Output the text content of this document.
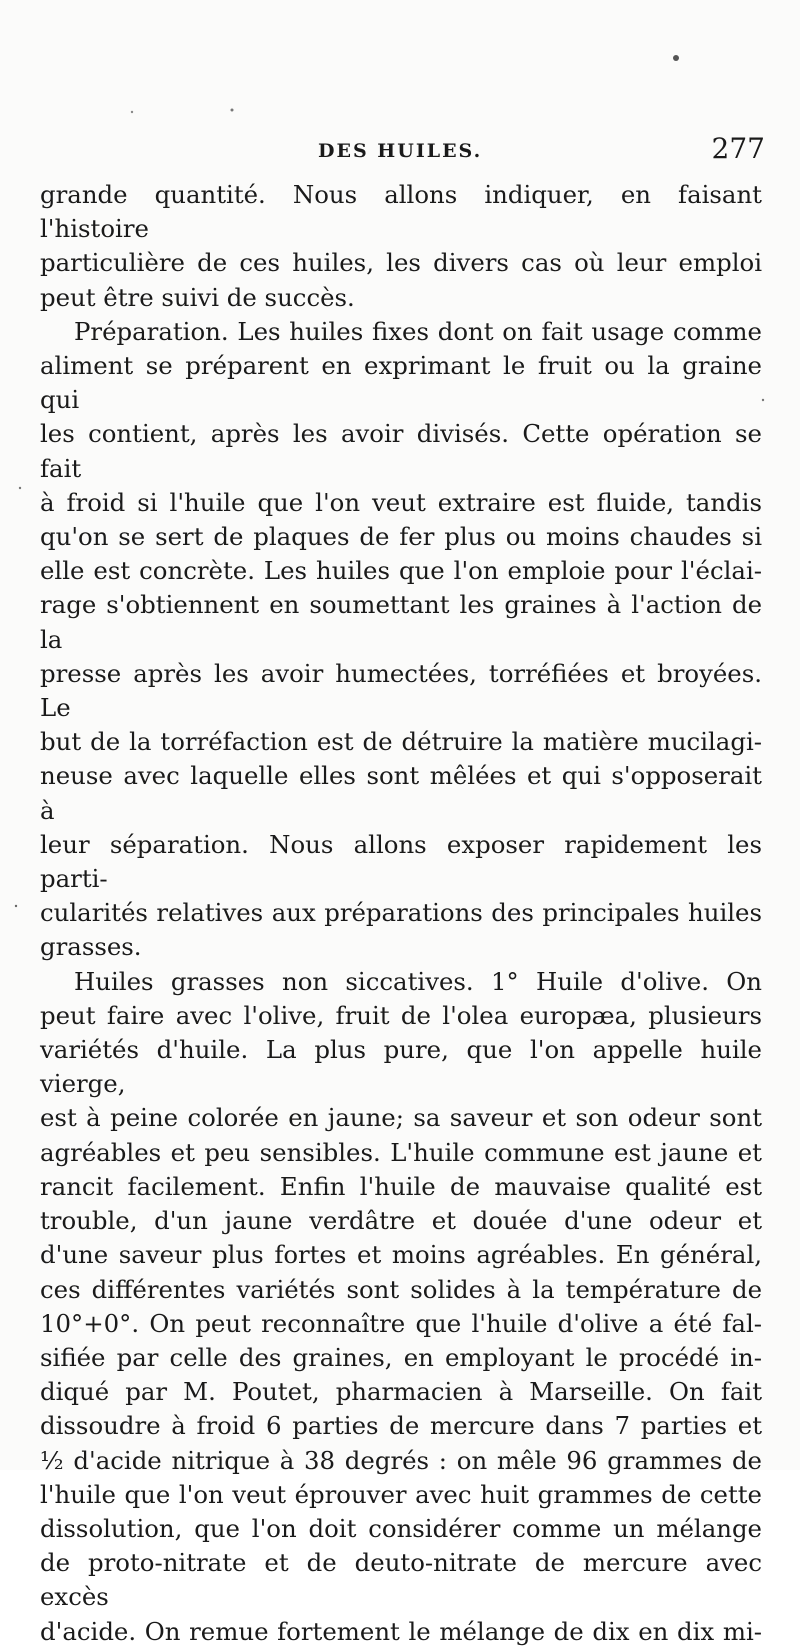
DES HUILES.	277
grande quantité. Nous allons indiquer, en faisant l'histoire
particulière de ces huiles, les divers cas où leur emploi
peut être suivi de succès.
Préparation. Les huiles fixes dont on fait usage comme
aliment se préparent en exprimant le fruit ou la graine qui
les contient, après les avoir divisés. Cette opération se fait
à froid si l'huile que l'on veut extraire est fluide, tandis
qu'on se sert de plaques de fer plus ou moins chaudes si
elle est concrète. Les huiles que l'on emploie pour l'éclai-
rage s'obtiennent en soumettant les graines à l'action de la
presse après les avoir humectées, torréfiées et broyées. Le
but de la torréfaction est de détruire la matière mucilagi-
neuse avec laquelle elles sont mêlées et qui s'opposerait à
leur séparation. Nous allons exposer rapidement les parti-
cularités relatives aux préparations des principales huiles
grasses.
Huiles grasses non siccatives. 1° Huile d'olive. On
peut faire avec l'olive, fruit de l'olea europæa, plusieurs
variétés d'huile. La plus pure, que l'on appelle huile vierge,
est à peine colorée en jaune; sa saveur et son odeur sont
agréables et peu sensibles. L'huile commune est jaune et
rancit facilement. Enfin l'huile de mauvaise qualité est
trouble, d'un jaune verdâtre et douée d'une odeur et
d'une saveur plus fortes et moins agréables. En général,
ces différentes variétés sont solides à la température de
10°+0°. On peut reconnaître que l'huile d'olive a été fal-
sifiée par celle des graines, en employant le procédé in-
diqué par M. Poutet, pharmacien à Marseille. On fait
dissoudre à froid 6 parties de mercure dans 7 parties et
½ d'acide nitrique à 38 degrés : on mêle 96 grammes de
l'huile que l'on veut éprouver avec huit grammes de cette
dissolution, que l'on doit considérer comme un mélange
de proto-nitrate et de deuto-nitrate de mercure avec excès
d'acide. On remue fortement le mélange de dix en dix mi-
